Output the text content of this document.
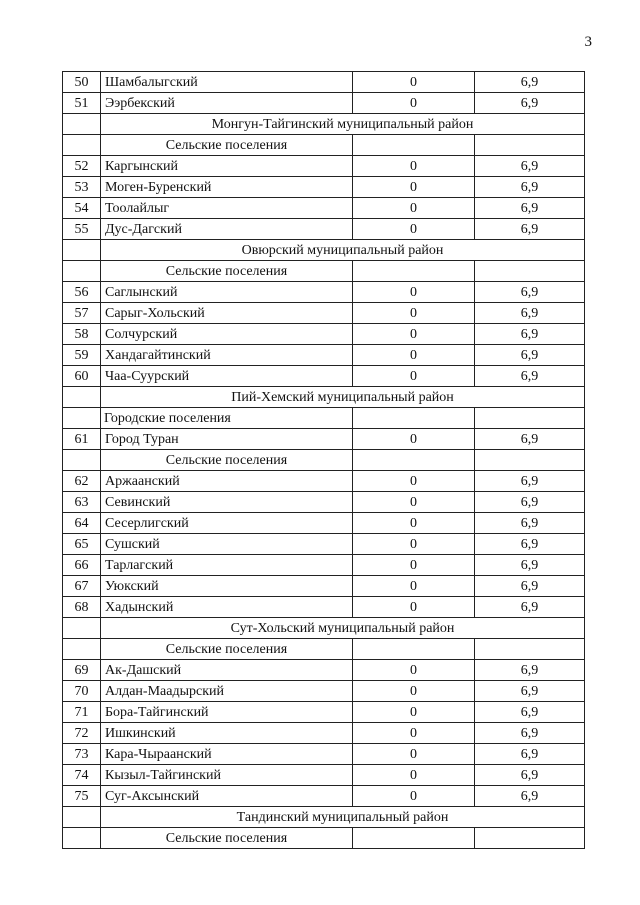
3
50	Шамбалыгский	0	6,9
51	Ээрбекский	0	6,9
	Монгун-Тайгинский муниципальный район		
	Сельские поселения		
52	Каргынский	0	6,9
53	Моген-Буренский	0	6,9
54	Тоолайлыг	0	6,9
55	Дус-Дагский	0	6,9
	Овюрский муниципальный район		
	Сельские поселения		
56	Саглынский	0	6,9
57	Сарыг-Хольский	0	6,9
58	Солчурский	0	6,9
59	Хандагайтинский	0	6,9
60	Чаа-Суурский	0	6,9
	Пий-Хемский муниципальный район		
	Городские поселения		
61	Город Туран	0	6,9
	Сельские поселения		
62	Аржаанский	0	6,9
63	Севинский	0	6,9
64	Сесерлигский	0	6,9
65	Сушский	0	6,9
66	Тарлагский	0	6,9
67	Уюкский	0	6,9
68	Хадынский	0	6,9
	Сут-Хольский муниципальный район		
	Сельские поселения		
69	Ак-Дашский	0	6,9
70	Алдан-Маадырский	0	6,9
71	Бора-Тайгинский	0	6,9
72	Ишкинский	0	6,9
73	Кара-Чыраанский	0	6,9
74	Кызыл-Тайгинский	0	6,9
75	Суг-Аксынский	0	6,9
	Тандинский муниципальный район		
	Сельские поселения		
